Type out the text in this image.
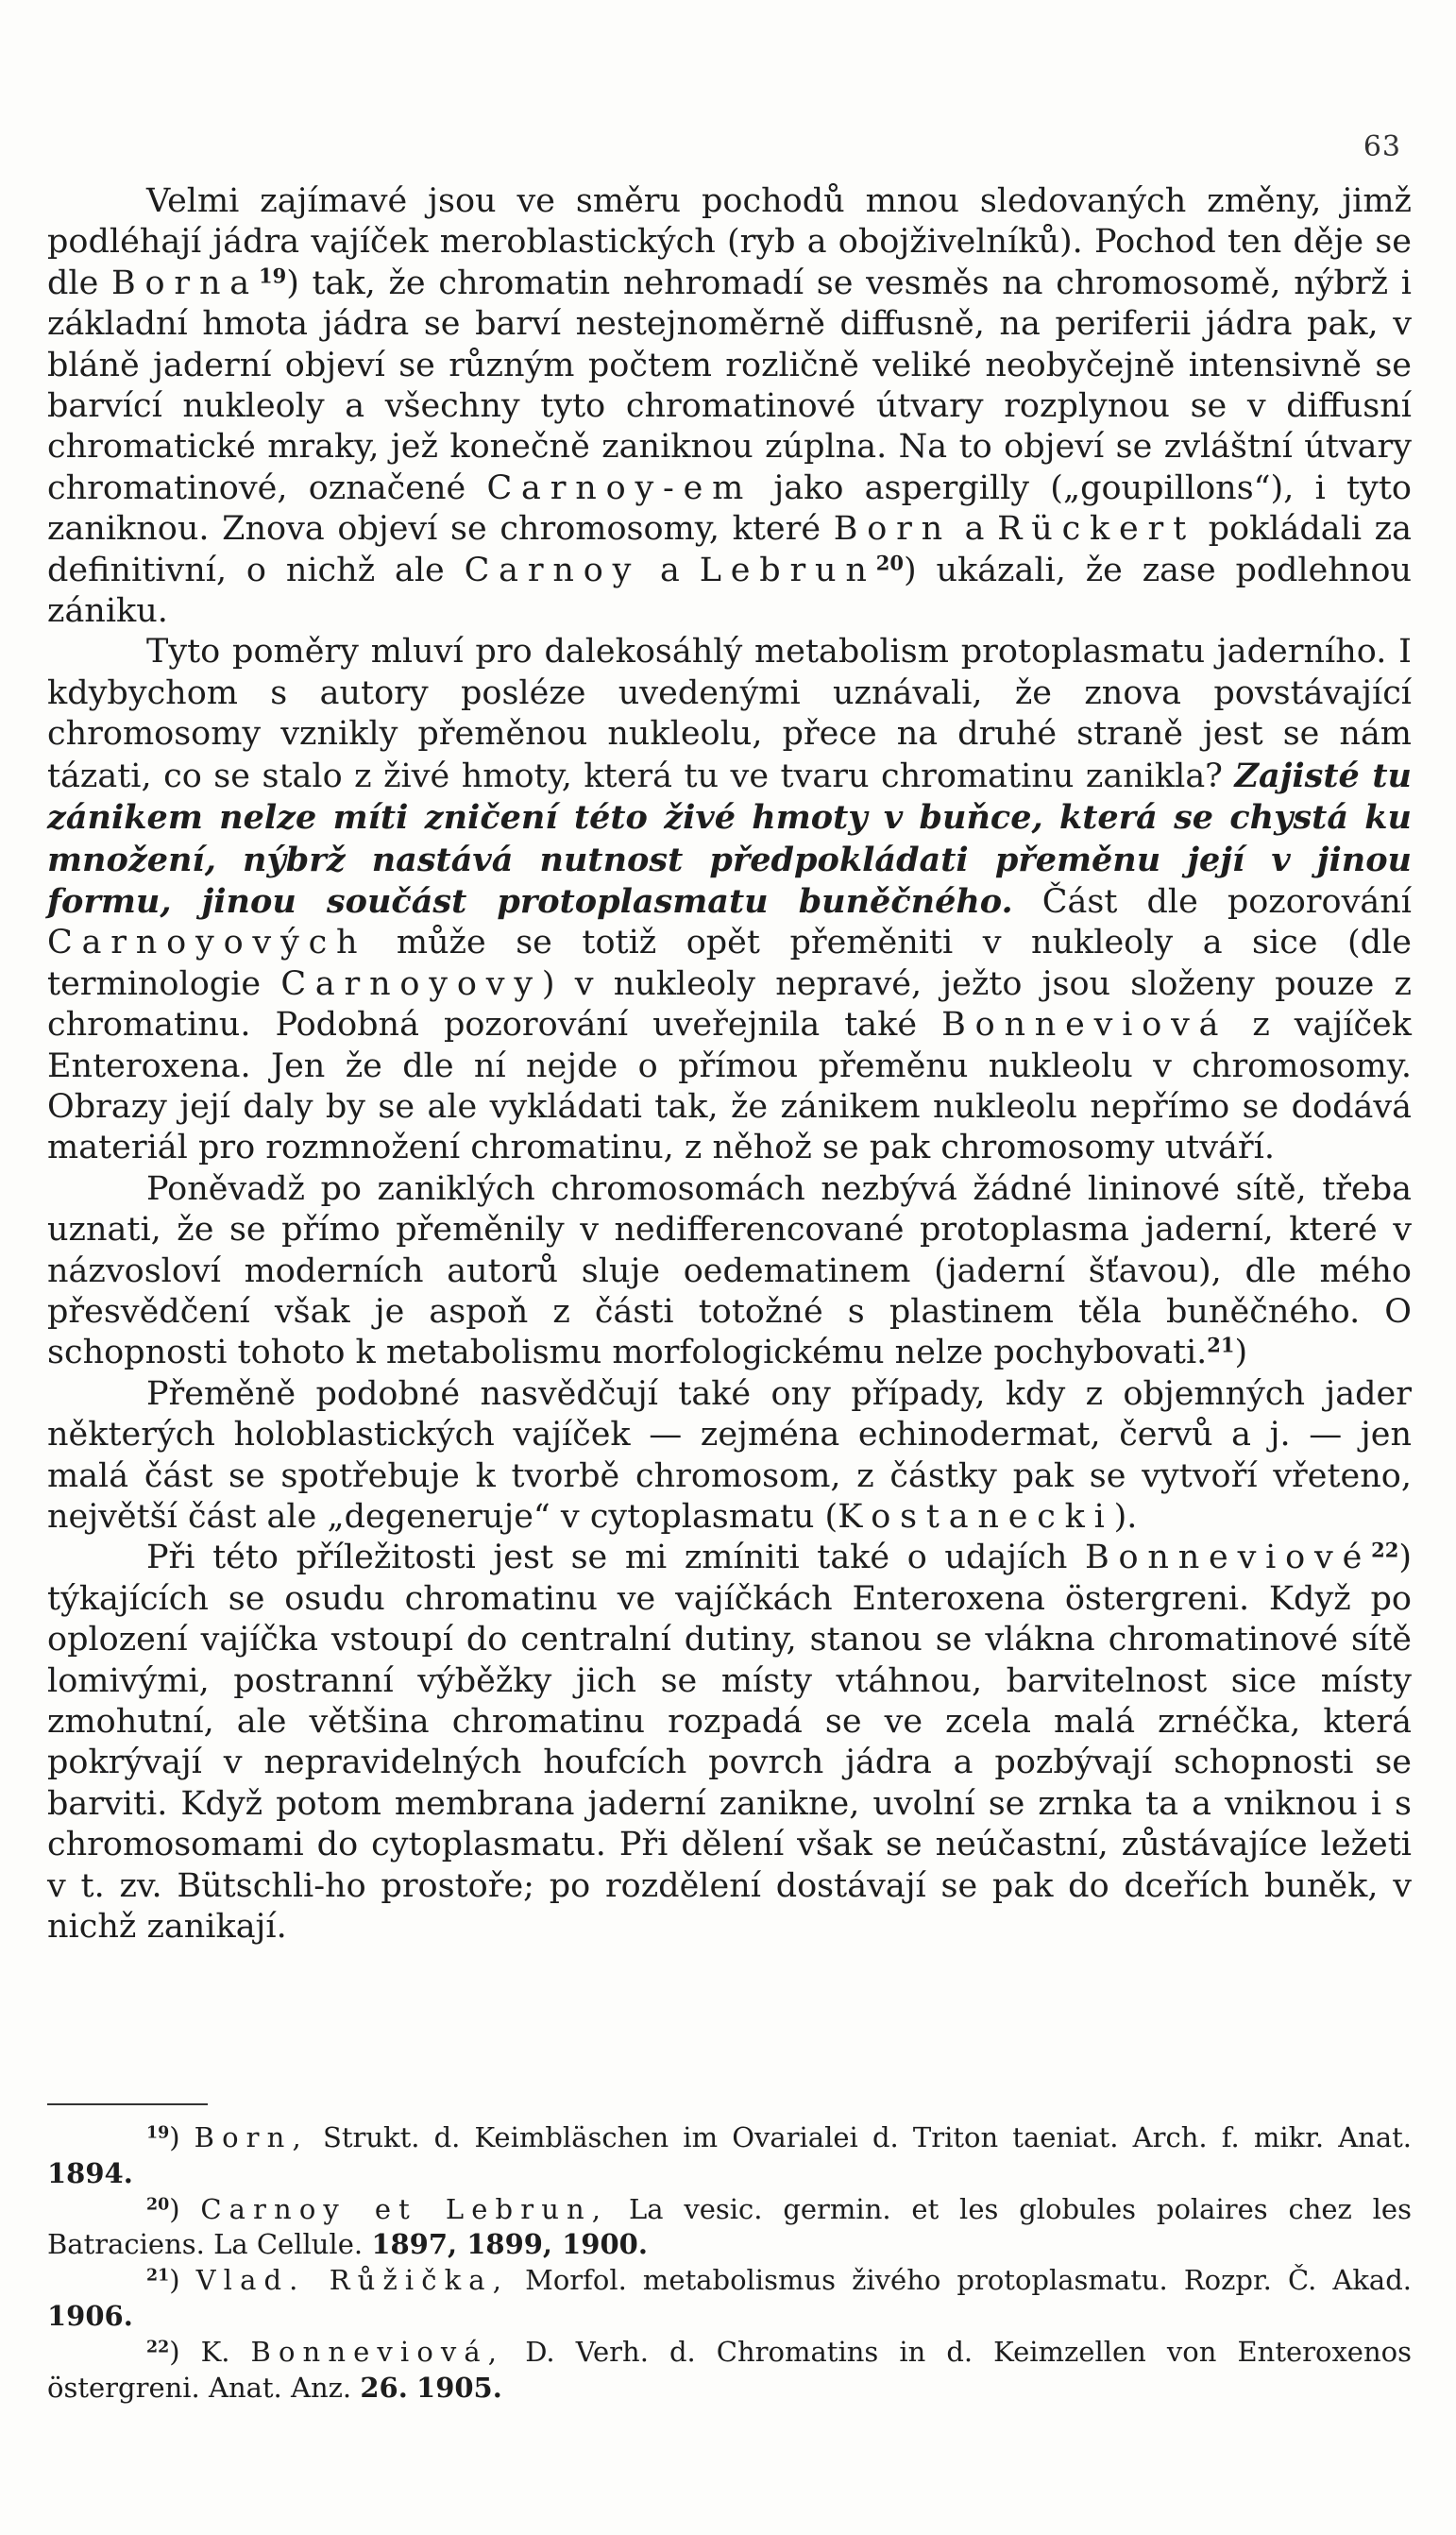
63

Velmi zajímavé jsou ve směru pochodů mnou sledovaných změny, jimž podléhají jádra vajíček meroblastických (ryb a obojživelníků). Pochod ten děje se dle Borna$^{19}$) tak, že chromatin nehromadí se vesměs na chromosomě, nýbrž i základní hmota jádra se barví nestejnoměrně diffusně, na periferii jádra pak, v bláně jaderní objeví se různým počtem rozličně veliké neobyčejně intensivně se barvící nukleoly a všechny tyto chromatinové útvary rozplynou se v diffusní chromatické mraky, jež konečně zaniknou zúplna. Na to objeví se zvláštní útvary chromatinové, označené Carnoy-em jako aspergilly („goupillons“), i tyto zaniknou. Znova objeví se chromosomy, které Born a Rückert pokládali za definitivní, o nichž ale Carnoy a Lebrun$^{20}$) ukázali, že zase podlehnou zániku.

Tyto poměry mluví pro dalekosáhlý metabolism protoplasmatu jaderního. I kdybychom s autory posléze uvedenými uznávali, že znova povstávající chromosomy vznikly přeměnou nukleolu, přece na druhé straně jest se nám tázati, co se stalo z živé hmoty, která tu ve tvaru chromatinu zanikla? Zajisté tu zánikem nelze míti zničení této živé hmoty v buňce, která se chystá ku množení, nýbrž nastává nutnost předpokládati přeměnu její v jinou formu, jinou součást protoplasmatu buněčného. Část dle pozorování Carnoyových může se totiž opět přeměniti v nukleoly a sice (dle terminologie Carnoyovy) v nukleoly nepravé, ježto jsou složeny pouze z chromatinu. Podobná pozorování uveřejnila také Bonneviová z vajíček Enteroxena. Jen že dle ní nejde o přímou přeměnu nukleolu v chromosomy. Obrazy její daly by se ale vykládati tak, že zánikem nukleolu nepřímo se dodává materiál pro rozmnožení chromatinu, z něhož se pak chromosomy utváří.

Poněvadž po zaniklých chromosomách nezbývá žádné lininové sítě, třeba uznati, že se přímo přeměnily v nedifferencované protoplasma jaderní, které v názvosloví moderních autorů sluje oedematinem (jaderní šťavou), dle mého přesvědčení však je aspoň z části totožné s plastinem těla buněčného. O schopnosti tohoto k metabolismu morfologickému nelze pochybovati.$^{21}$)

Přeměně podobné nasvědčují také ony případy, kdy z objemných jader některých holoblastických vajíček — zejména echinodermat, červů a j. — jen malá část se spotřebuje k tvorbě chromosom, z částky pak se vytvoří vřeteno, největší část ale „degeneruje“ v cytoplasmatu (Kostanecki).

Při této příležitosti jest se mi zmíniti také o udajích Bonneviové$^{22}$) týkajících se osudu chromatinu ve vajíčkách Enteroxena östergreni. Když po oplození vajíčka vstoupí do centralní dutiny, stanou se vlákna chromatinové sítě lomivými, postranní výběžky jich se místy vtáhnou, barvitelnost sice místy zmohutní, ale většina chromatinu rozpadá se ve zcela malá zrnéčka, která pokrývají v nepravidelných houfcích povrch jádra a pozbývají schopnosti se barviti. Když potom membrana jaderní zanikne, uvolní se zrnka ta a vniknou i s chromosomami do cytoplasmatu. Při dělení však se neúčastní, zůstávajíce ležeti v t. zv. Bütschli-ho prostoře; po rozdělení dostávají se pak do dceřích buněk, v nichž zanikají.

$^{19}$) Born, Strukt. d. Keimbläschen im Ovarialei d. Triton taeniat. Arch. f. mikr. Anat. 1894.

$^{20}$) Carnoy et Lebrun, La vesic. germin. et les globules polaires chez les Batraciens. La Cellule. 1897, 1899, 1900.

$^{21}$) Vlad. Růžička, Morfol. metabolismus živého protoplasmatu. Rozpr. Č. Akad. 1906.

$^{22}$) K. Bonneviová, D. Verh. d. Chromatins in d. Keimzellen von Enteroxenos östergreni. Anat. Anz. 26. 1905.
